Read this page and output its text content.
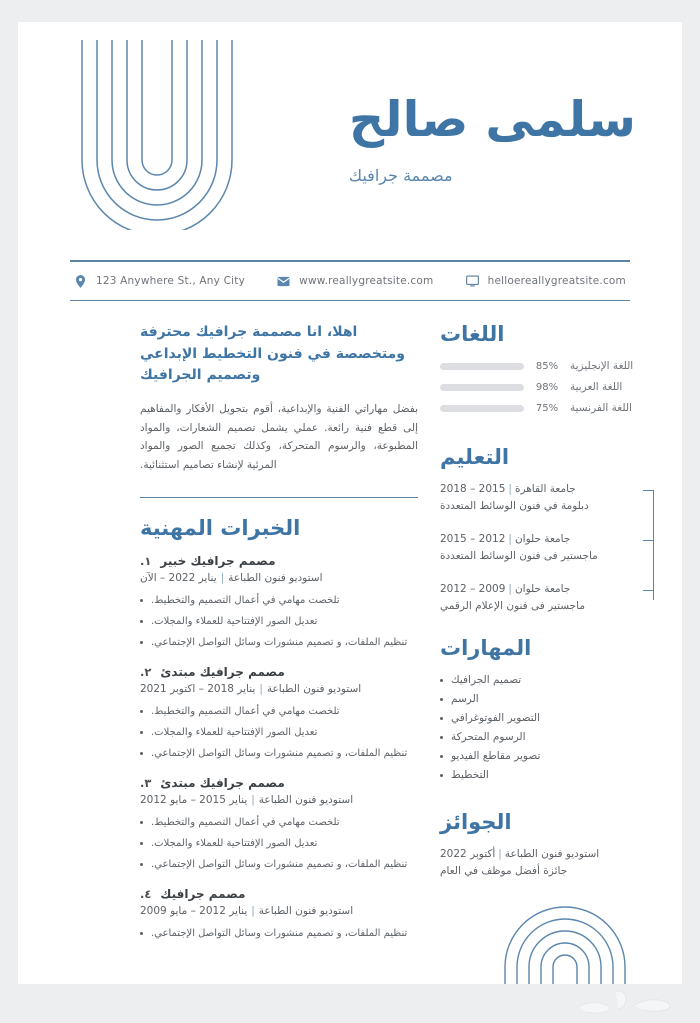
سلمى صالح
مصممة جرافيك
123 Anywhere St., Any City	www.reallygreatsite.com	helloereallygreatsite.com
اللغات
اللغة الإنجليزية
85%
اللغة العربية
98%
اللغة الفرنسية
75%
التعليم
جامعة القاهرة|2015 – 2018
دبلومة في فنون الوسائط المتعددة
جامعة حلوان|2012 – 2015
ماجستير فى فنون الوسائط المتعددة
جامعة حلوان|2009 – 2012
ماجستير فى فنون الإعلام الرقمي
المهارات
تصميم الجرافيك
الرسم
التصوير الفوتوغرافي
الرسوم المتحركة
تصوير مقاطع الفيديو
التخطيط
الجوائز
استوديو فنون الطباعة|أكتوبر 2022
جائزة أفضل موظف في العام
اهلا، انا مصممة جرافيك محترفة ومتخصصة في فنون التخطيط الإبداعي وتصميم الجرافيك
بفضل مهاراتي الفنية والإبداعية، أقوم بتحويل الأفكار والمفاهيم إلى قطع فنية رائعة. عملي يشمل تصميم الشعارات، والمواد المطبوعة، والرسوم المتحركة، وكذلك تجميع الصور والمواد المرئية لإنشاء تصاميم استثنائية.
الخبرات المهنية
١. مصمم جرافيك خبير
استوديو فنون الطباعة|يناير 2022 – الآن
تلخصت مهامي في أعمال التصميم والتخطيط.
تعديل الصور الإفتتاحية للعملاء والمجلات.
تنظيم الملفات، و تصميم منشورات وسائل التواصل الإجتماعي.
٢. مصمم جرافيك مبتدئ
استوديو فنون الطباعة|يناير 2018 – اكتوبر 2021
تلخصت مهامي في أعمال التصميم والتخطيط.
تعديل الصور الإفتتاحية للعملاء والمجلات.
تنظيم الملفات، و تصميم منشورات وسائل التواصل الإجتماعي.
٣. مصمم جرافيك مبتدئ
استوديو فنون الطباعة|يناير 2015 – مايو 2012
تلخصت مهامي في أعمال التصميم والتخطيط.
تعديل الصور الإفتتاحية للعملاء والمجلات.
تنظيم الملفات، و تصميم منشورات وسائل التواصل الإجتماعي.
٤. مصمم جرافيك
استوديو فنون الطباعة|يناير 2012 – مايو 2009
تنظيم الملفات، و تصميم منشورات وسائل التواصل الإجتماعي.
